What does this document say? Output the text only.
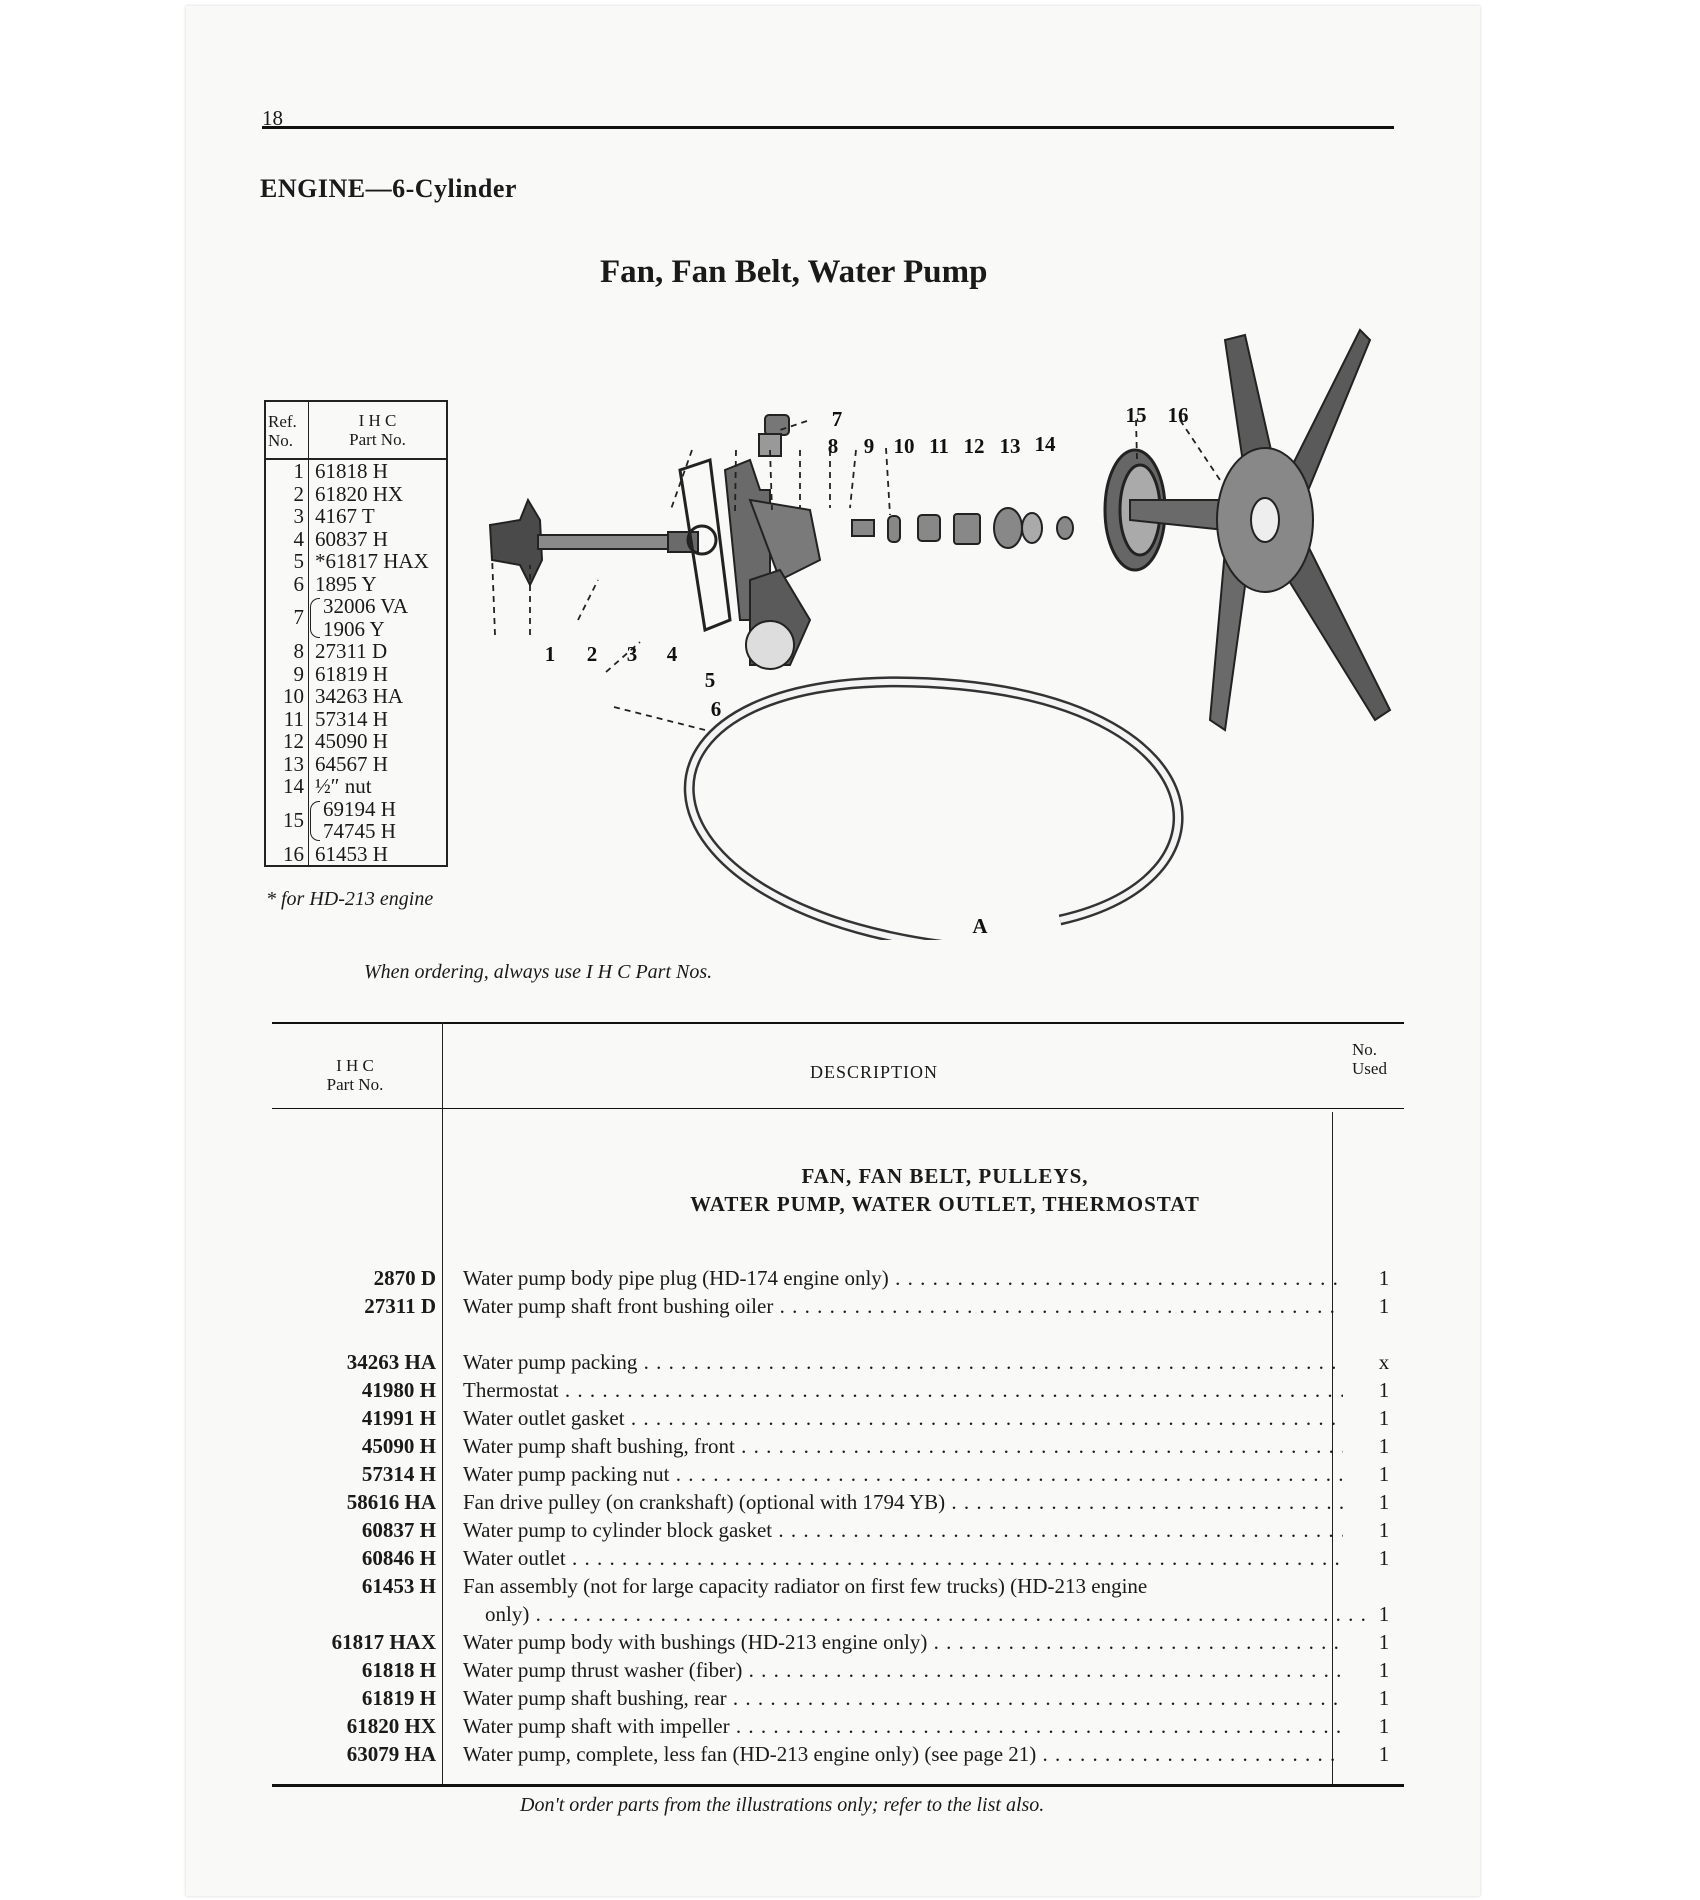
18
ENGINE—6-Cylinder
Fan, Fan Belt, Water Pump
Ref.
No.
I H C
Part No.
1 61818 H
2 61820 HX
3 4167 T
4 60837 H
5 *61817 HAX
6 1895 Y
7 32006 VA
1906 Y
8 27311 D
9 61819 H
10 34263 HA
11 57314 H
12 45090 H
13 64567 H
14 ½″ nut
15 69194 H
74745 H
16 61453 H
* for HD-213 engine
1 2 3 4
5
6
7
8 9 10 11 12 13 14
15 16
A
When ordering, always use I H C Part Nos.
I H C
Part No.
DESCRIPTION
No.
Used
FAN, FAN BELT, PULLEYS,
WATER PUMP, WATER OUTLET, THERMOSTAT
2870 D Water pump body pipe plug (HD-174 engine only) . . .	1
27311 D Water pump shaft front bushing oiler . . .	1
34263 HA Water pump packing . . .	x
41980 H Thermostat . . .	1
41991 H Water outlet gasket . . .	1
45090 H Water pump shaft bushing, front . . .	1
57314 H Water pump packing nut . . .	1
58616 HA Fan drive pulley (on crankshaft) (optional with 1794 YB) . . .	1
60837 H Water pump to cylinder block gasket . . .	1
60846 H Water outlet . . .	1
61453 H Fan assembly (not for large capacity radiator on first few trucks) (HD-213 engine
only) . . .	1
61817 HAX Water pump body with bushings (HD-213 engine only) . . .	1
61818 H Water pump thrust washer (fiber) . . .	1
61819 H Water pump shaft bushing, rear . . .	1
61820 HX Water pump shaft with impeller . . .	1
63079 HA Water pump, complete, less fan (HD-213 engine only) (see page 21) . . .	1
Don't order parts from the illustrations only; refer to the list also.
